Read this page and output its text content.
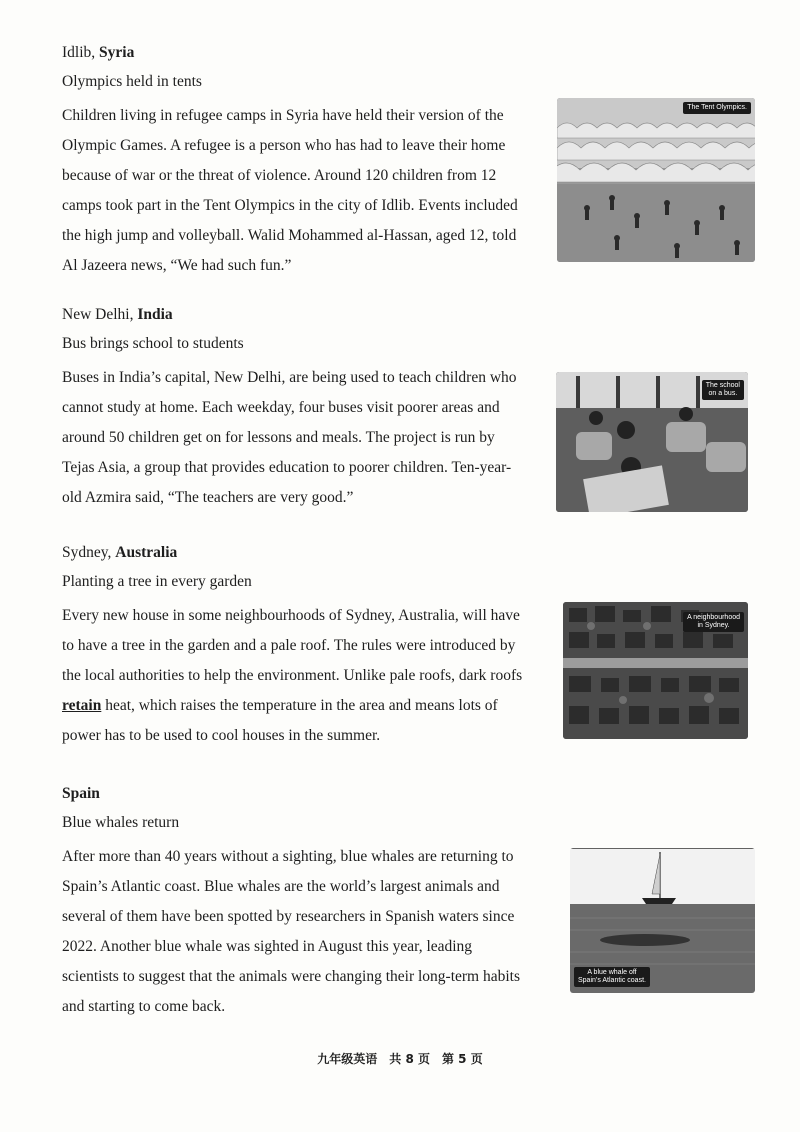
Idlib, Syria

Olympics held in tents

Children living in refugee camps in Syria have held their version of the
Olympic Games. A refugee is a person who has had to leave their home
because of war or the threat of violence. Around 120 children from 12
camps took part in the Tent Olympics in the city of Idlib. Events included
the high jump and volleyball. Walid Mohammed al-Hassan, aged 12, told
Al Jazeera news, “We had such fun.”
The Tent Olympics.

New Delhi, India

Bus brings school to students

Buses in India’s capital, New Delhi, are being used to teach children who
cannot study at home. Each weekday, four buses visit poorer areas and
around 50 children get on for lessons and meals. The project is run by
Tejas Asia, a group that provides education to poorer children. Ten-year-
old Azmira said, “The teachers are very good.”
The school
on a bus.

Sydney, Australia

Planting a tree in every garden

Every new house in some neighbourhoods of Sydney, Australia, will have
to have a tree in the garden and a pale roof. The rules were introduced by
the local authorities to help the environment. Unlike pale roofs, dark roofs
retain heat, which raises the temperature in the area and means lots of
power has to be used to cool houses in the summer.
A neighbourhood
in Sydney.

Spain

Blue whales return

After more than 40 years without a sighting, blue whales are returning to
Spain’s Atlantic coast. Blue whales are the world’s largest animals and
several of them have been spotted by researchers in Spanish waters since
2022. Another blue whale was sighted in August this year, leading
scientists to suggest that the animals were changing their long-term habits
and starting to come back.
A blue whale off
Spain’s Atlantic coast.
九年级英语 共 8 页 第 5 页
